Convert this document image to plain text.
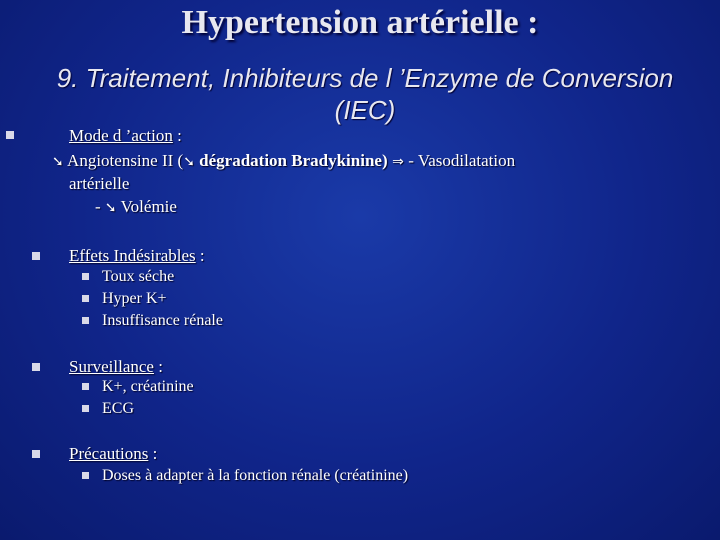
Hypertension artérielle :
9. Traitement, Inhibiteurs de l ’Enzyme de Conversion (IEC)
Mode d ’action :
➘ Angiotensine II (➘ dégradation Bradykinine) ⇒ - Vasodilatation
artérielle
- ➘ Volémie
Effets Indésirables :
Toux séche
Hyper K+
Insuffisance rénale
Surveillance :
K+, créatinine
ECG
Précautions :
Doses à adapter à la fonction rénale (créatinine)
